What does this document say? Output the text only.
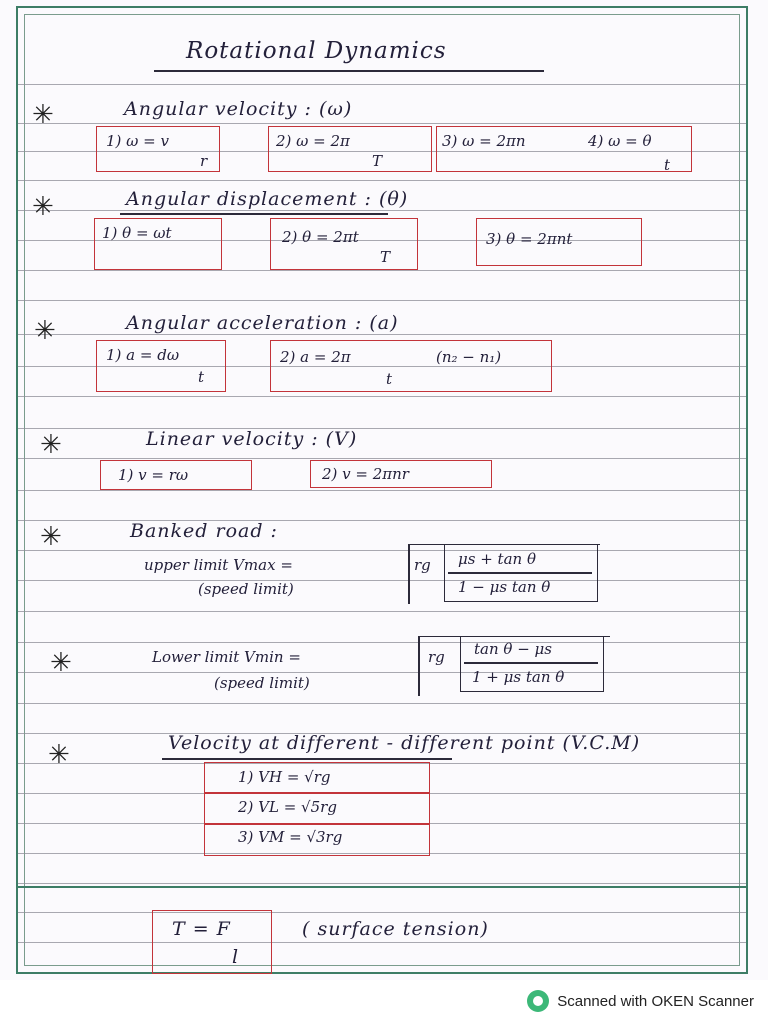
Rotational Dynamics
✳	Angular velocity : (ω)
1) ω = v
r
2) ω = 2π
T
3) ω = 2πn	4) ω = θ
t
✳	Angular displacement : (θ)
1) θ = ωt	2) θ = 2πt
T
3) θ = 2πnt
✳	Angular acceleration : (a)
1) a = dω
t
2) a = 2π	(n₂ − n₁)
t
✳	Linear velocity : (V)
1) v = rω	2) v = 2πnr
✳	Banked road :
upper limit Vmax =
(speed limit)
rg μs + tan θ
1 − μs tan θ
✳	Lower limit Vmin =
(speed limit)
rg tan θ − μs
1 + μs tan θ
✳	Velocity at different - different point (V.C.M)
1) VH = √rg
2) VL = √5rg
3) VM = √3rg
T = F
l
( surface tension)
Scanned with OKEN Scanner
